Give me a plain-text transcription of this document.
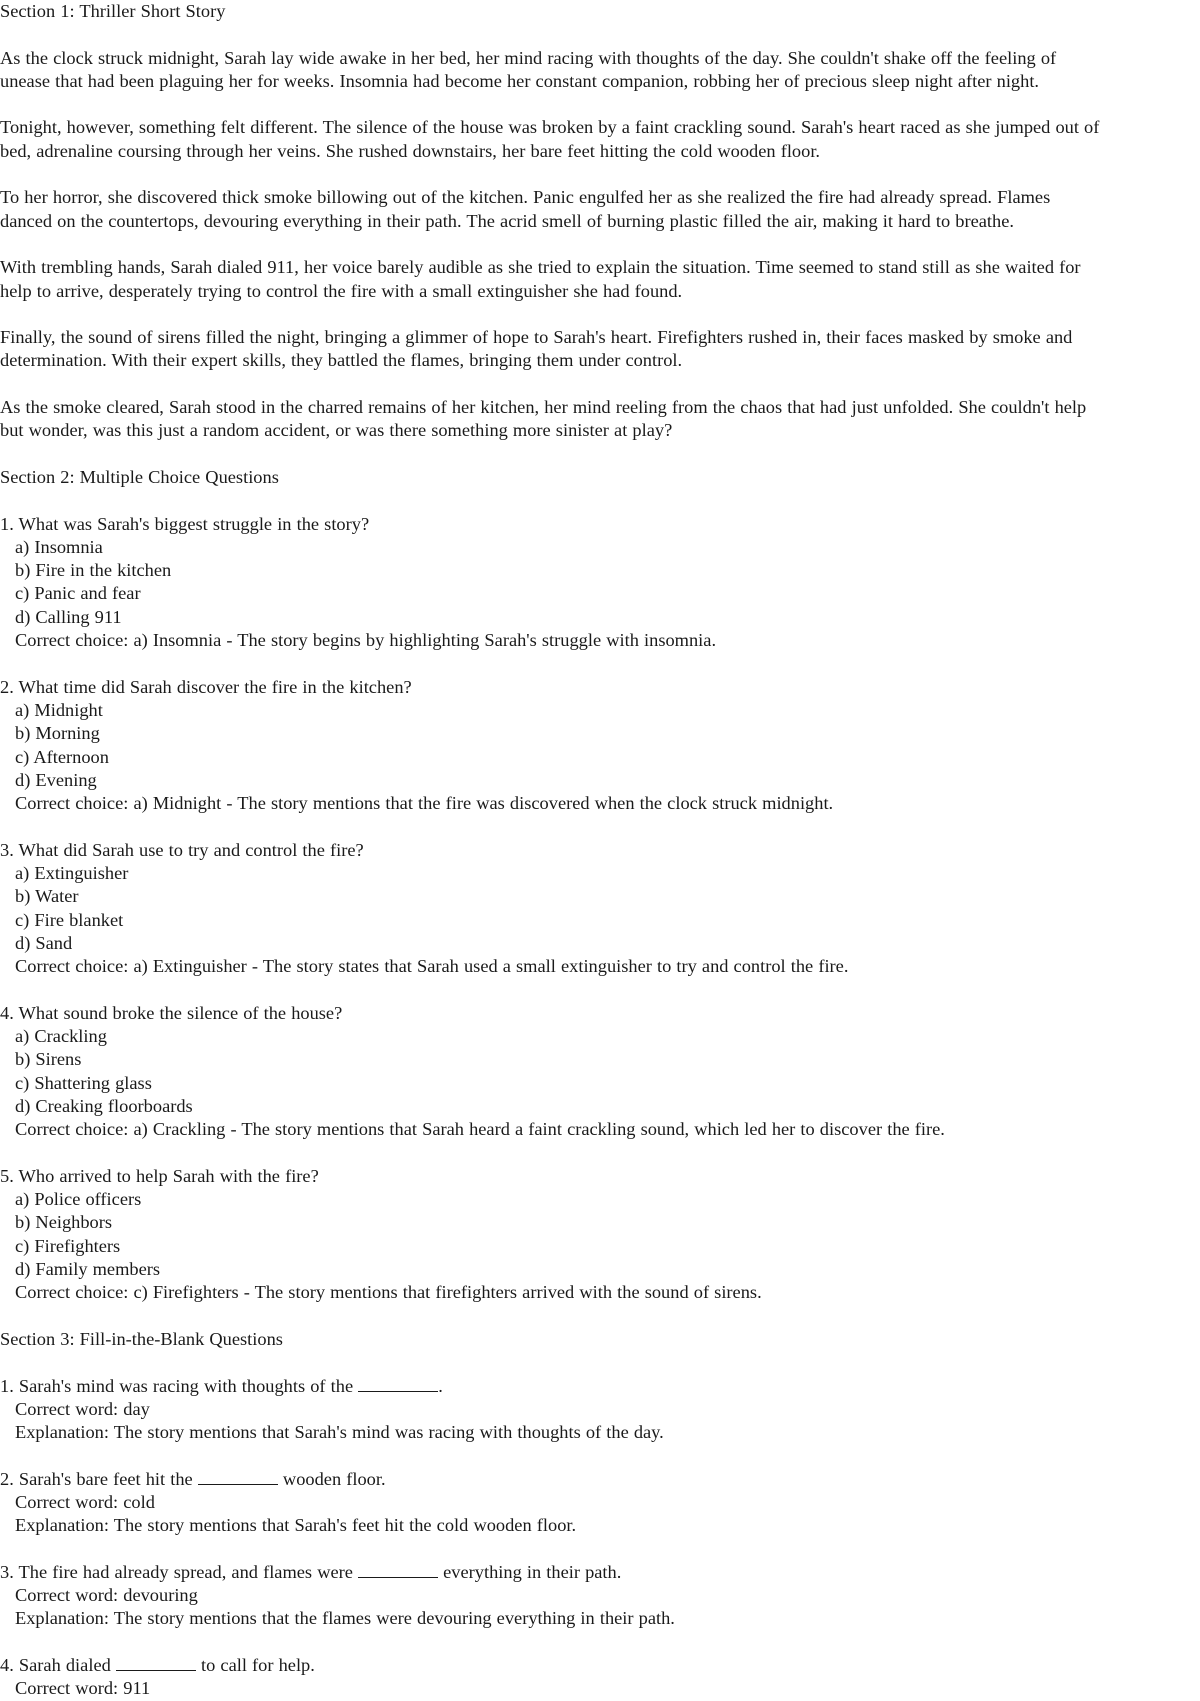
Section 1: Thriller Short Story
As the clock struck midnight, Sarah lay wide awake in her bed, her mind racing with thoughts of the day. She couldn't shake off the feeling of
unease that had been plaguing her for weeks. Insomnia had become her constant companion, robbing her of precious sleep night after night.
Tonight, however, something felt different. The silence of the house was broken by a faint crackling sound. Sarah's heart raced as she jumped out of
bed, adrenaline coursing through her veins. She rushed downstairs, her bare feet hitting the cold wooden floor.
To her horror, she discovered thick smoke billowing out of the kitchen. Panic engulfed her as she realized the fire had already spread. Flames
danced on the countertops, devouring everything in their path. The acrid smell of burning plastic filled the air, making it hard to breathe.
With trembling hands, Sarah dialed 911, her voice barely audible as she tried to explain the situation. Time seemed to stand still as she waited for
help to arrive, desperately trying to control the fire with a small extinguisher she had found.
Finally, the sound of sirens filled the night, bringing a glimmer of hope to Sarah's heart. Firefighters rushed in, their faces masked by smoke and
determination. With their expert skills, they battled the flames, bringing them under control.
As the smoke cleared, Sarah stood in the charred remains of her kitchen, her mind reeling from the chaos that had just unfolded. She couldn't help
but wonder, was this just a random accident, or was there something more sinister at play?
Section 2: Multiple Choice Questions
1. What was Sarah's biggest struggle in the story?
a) Insomnia
b) Fire in the kitchen
c) Panic and fear
d) Calling 911
Correct choice: a) Insomnia - The story begins by highlighting Sarah's struggle with insomnia.
2. What time did Sarah discover the fire in the kitchen?
a) Midnight
b) Morning
c) Afternoon
d) Evening
Correct choice: a) Midnight - The story mentions that the fire was discovered when the clock struck midnight.
3. What did Sarah use to try and control the fire?
a) Extinguisher
b) Water
c) Fire blanket
d) Sand
Correct choice: a) Extinguisher - The story states that Sarah used a small extinguisher to try and control the fire.
4. What sound broke the silence of the house?
a) Crackling
b) Sirens
c) Shattering glass
d) Creaking floorboards
Correct choice: a) Crackling - The story mentions that Sarah heard a faint crackling sound, which led her to discover the fire.
5. Who arrived to help Sarah with the fire?
a) Police officers
b) Neighbors
c) Firefighters
d) Family members
Correct choice: c) Firefighters - The story mentions that firefighters arrived with the sound of sirens.
Section 3: Fill-in-the-Blank Questions
1. Sarah's mind was racing with thoughts of the	.
Correct word: day
Explanation: The story mentions that Sarah's mind was racing with thoughts of the day.
2. Sarah's bare feet hit the	wooden floor.
Correct word: cold
Explanation: The story mentions that Sarah's feet hit the cold wooden floor.
3. The fire had already spread, and flames were	everything in their path.
Correct word: devouring
Explanation: The story mentions that the flames were devouring everything in their path.
4. Sarah dialed	to call for help.
Correct word: 911
